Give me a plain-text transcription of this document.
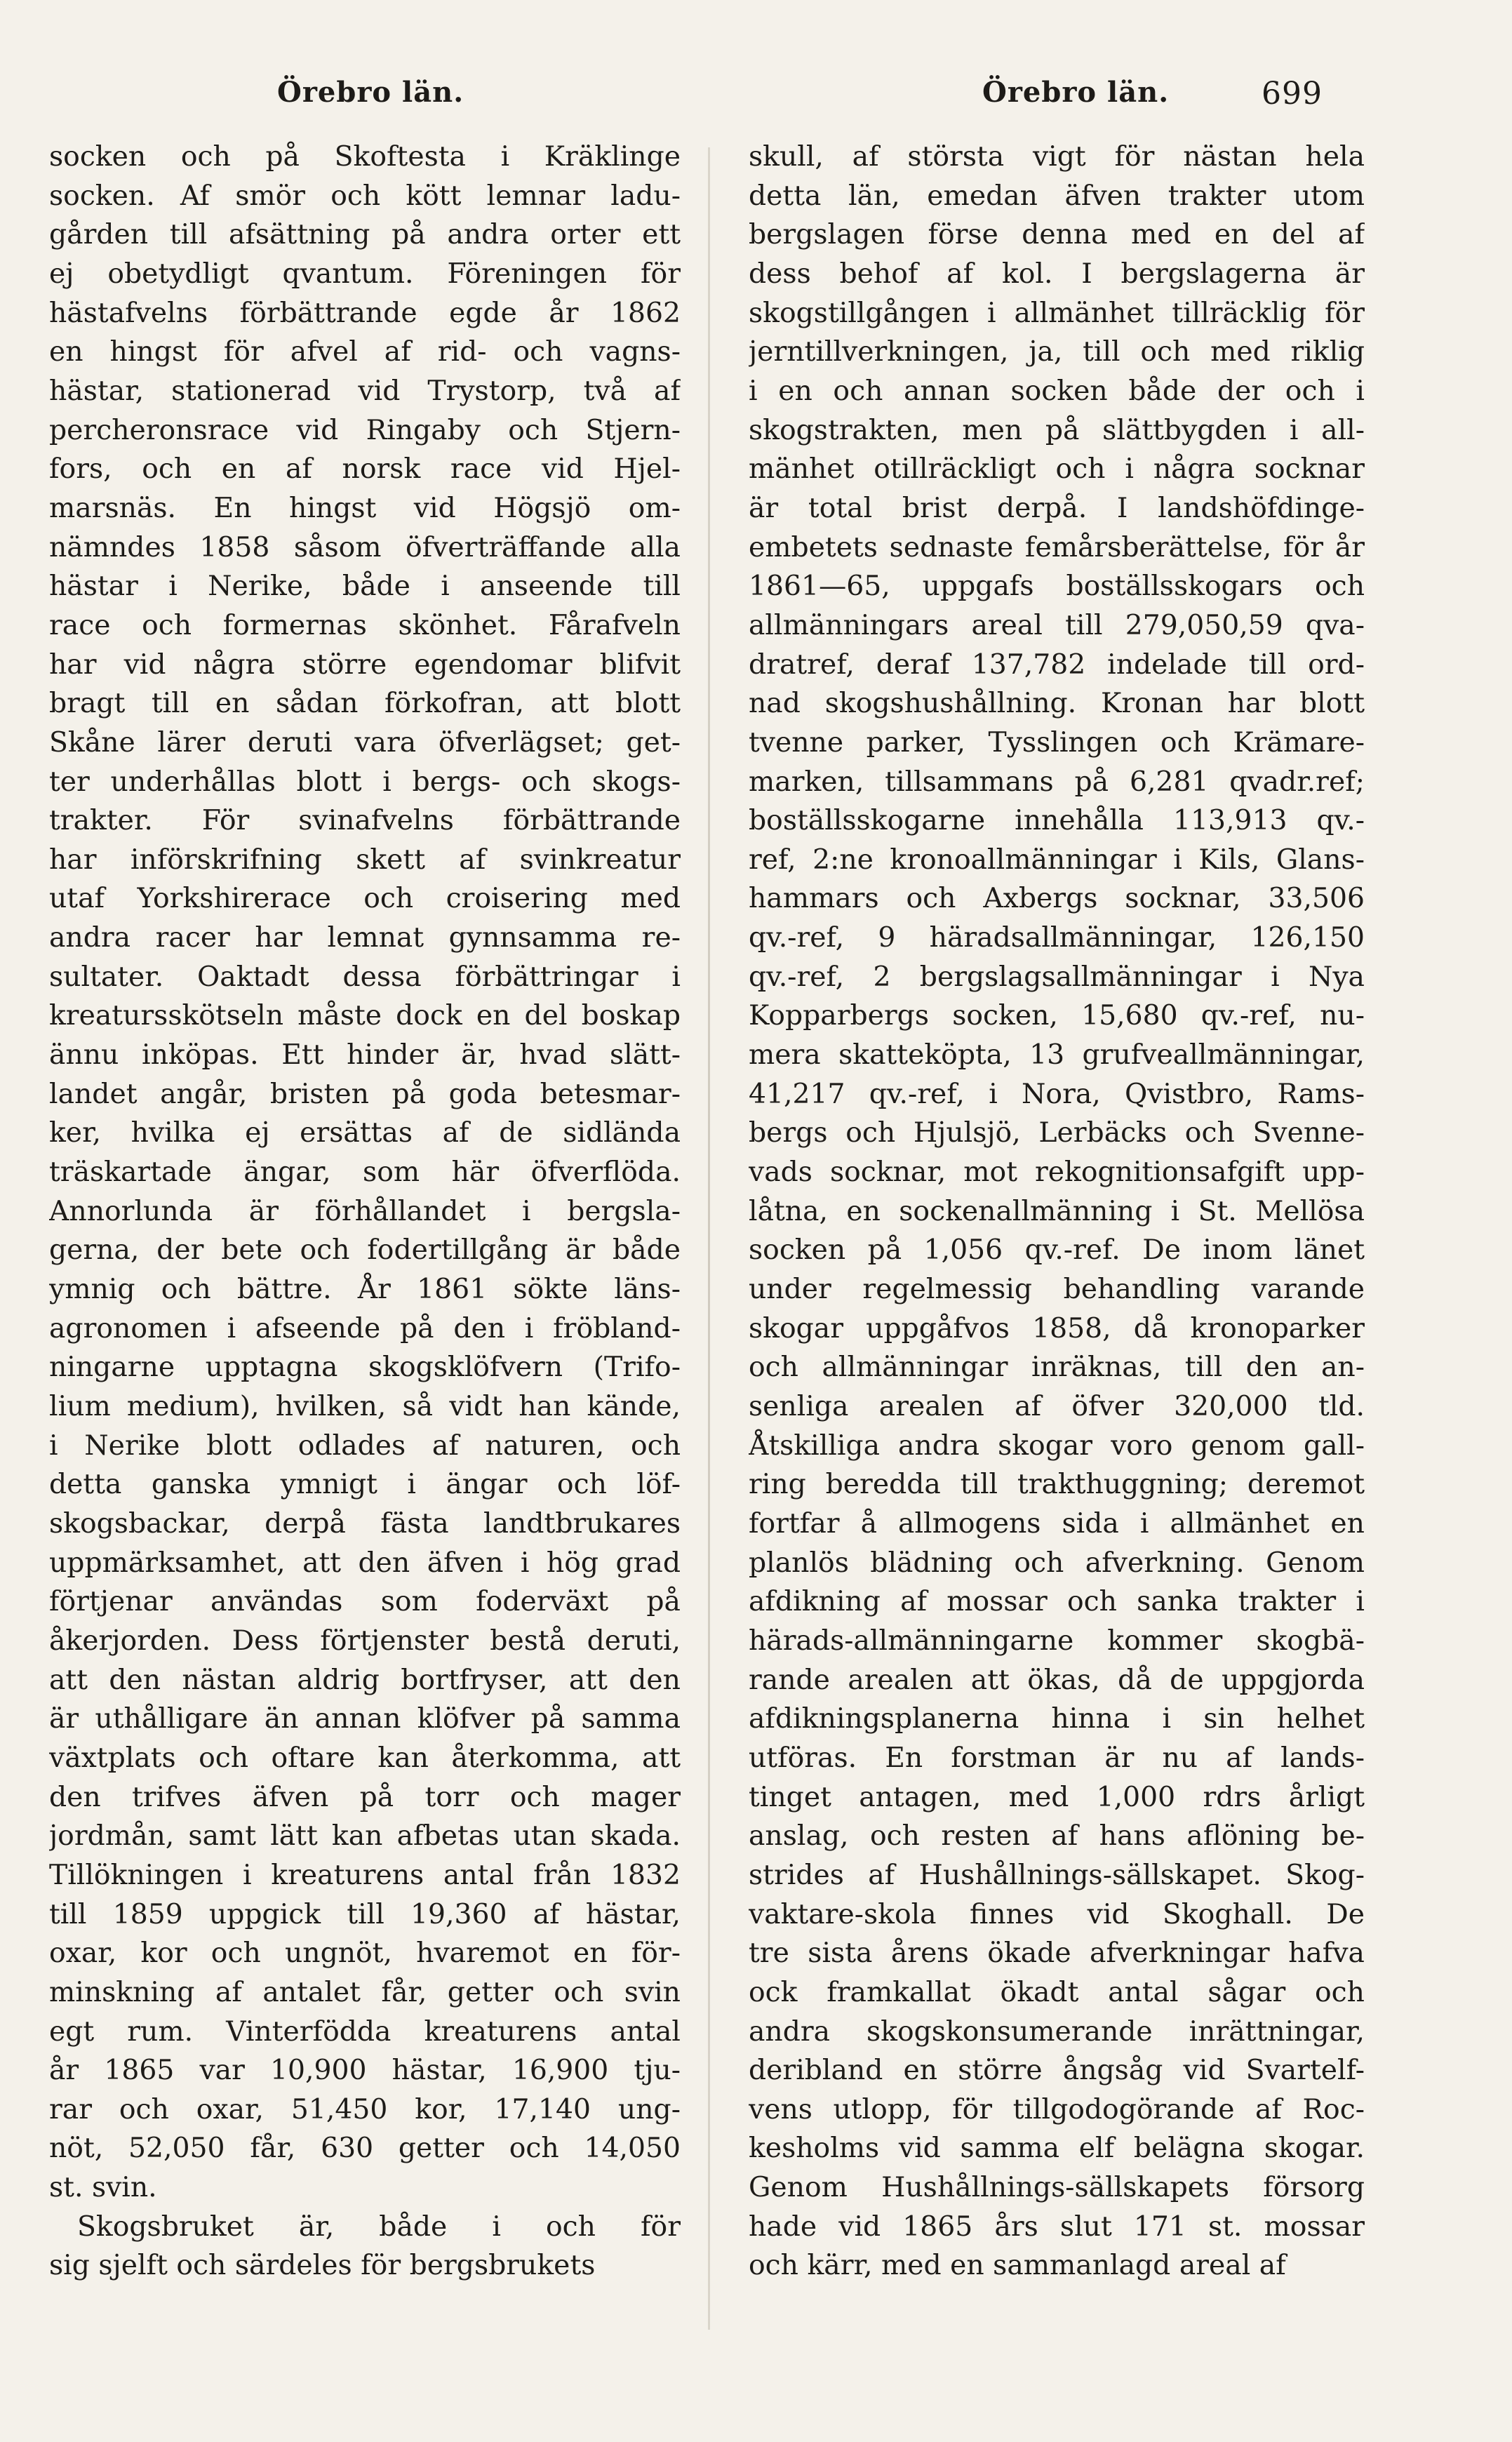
Örebro län.	Örebro län.	699
socken och på Skoftesta i Kräklinge
socken. Af smör och kött lemnar ladu-
gården till afsättning på andra orter ett
ej obetydligt qvantum. Föreningen för
hästafvelns förbättrande egde år 1862
en hingst för afvel af rid- och vagns-
hästar, stationerad vid Trystorp, två af
percheronsrace vid Ringaby och Stjern-
fors, och en af norsk race vid Hjel-
marsnäs. En hingst vid Högsjö om-
nämndes 1858 såsom öfverträffande alla
hästar i Nerike, både i anseende till
race och formernas skönhet. Fårafveln
har vid några större egendomar blifvit
bragt till en sådan förkofran, att blott
Skåne lärer deruti vara öfverlägset; get-
ter underhållas blott i bergs- och skogs-
trakter. För svinafvelns förbättrande
har införskrifning skett af svinkreatur
utaf Yorkshirerace och croisering med
andra racer har lemnat gynnsamma re-
sultater. Oaktadt dessa förbättringar i
kreatursskötseln måste dock en del boskap
ännu inköpas. Ett hinder är, hvad slätt-
landet angår, bristen på goda betesmar-
ker, hvilka ej ersättas af de sidlända
träskartade ängar, som här öfverflöda.
Annorlunda är förhållandet i bergsla-
gerna, der bete och fodertillgång är både
ymnig och bättre. År 1861 sökte läns-
agronomen i afseende på den i fröbland-
ningarne upptagna skogsklöfvern (Trifo-
lium medium), hvilken, så vidt han kände,
i Nerike blott odlades af naturen, och
detta ganska ymnigt i ängar och löf-
skogsbackar, derpå fästa landtbrukares
uppmärksamhet, att den äfven i hög grad
förtjenar användas som foderväxt på
åkerjorden. Dess förtjenster bestå deruti,
att den nästan aldrig bortfryser, att den
är uthålligare än annan klöfver på samma
växtplats och oftare kan återkomma, att
den trifves äfven på torr och mager
jordmån, samt lätt kan afbetas utan skada.
Tillökningen i kreaturens antal från 1832
till 1859 uppgick till 19,360 af hästar,
oxar, kor och ungnöt, hvaremot en för-
minskning af antalet får, getter och svin
egt rum. Vinterfödda kreaturens antal
år 1865 var 10,900 hästar, 16,900 tju-
rar och oxar, 51,450 kor, 17,140 ung-
nöt, 52,050 får, 630 getter och 14,050
st. svin.
Skogsbruket är, både i och för
sig sjelft och särdeles för bergsbrukets
skull, af största vigt för nästan hela
detta län, emedan äfven trakter utom
bergslagen förse denna med en del af
dess behof af kol. I bergslagerna är
skogstillgången i allmänhet tillräcklig för
jerntillverkningen, ja, till och med riklig
i en och annan socken både der och i
skogstrakten, men på slättbygden i all-
mänhet otillräckligt och i några socknar
är total brist derpå. I landshöfdinge-
embetets sednaste femårsberättelse, för år
1861—65, uppgafs boställsskogars och
allmänningars areal till 279,050,59 qva-
dratref, deraf 137,782 indelade till ord-
nad skogshushållning. Kronan har blott
tvenne parker, Tysslingen och Krämare-
marken, tillsammans på 6,281 qvadr.ref;
boställsskogarne innehålla 113,913 qv.-
ref, 2:ne kronoallmänningar i Kils, Glans-
hammars och Axbergs socknar, 33,506
qv.-ref, 9 häradsallmänningar, 126,150
qv.-ref, 2 bergslagsallmänningar i Nya
Kopparbergs socken, 15,680 qv.-ref, nu-
mera skatteköpta, 13 grufveallmänningar,
41,217 qv.-ref, i Nora, Qvistbro, Rams-
bergs och Hjulsjö, Lerbäcks och Svenne-
vads socknar, mot rekognitionsafgift upp-
låtna, en sockenallmänning i St. Mellösa
socken på 1,056 qv.-ref. De inom länet
under regelmessig behandling varande
skogar uppgåfvos 1858, då kronoparker
och allmänningar inräknas, till den an-
senliga arealen af öfver 320,000 tld.
Åtskilliga andra skogar voro genom gall-
ring beredda till trakthuggning; deremot
fortfar å allmogens sida i allmänhet en
planlös blädning och afverkning. Genom
afdikning af mossar och sanka trakter i
härads-allmänningarne kommer skogbä-
rande arealen att ökas, då de uppgjorda
afdikningsplanerna hinna i sin helhet
utföras. En forstman är nu af lands-
tinget antagen, med 1,000 rdrs årligt
anslag, och resten af hans aflöning be-
strides af Hushållnings-sällskapet. Skog-
vaktare-skola finnes vid Skoghall. De
tre sista årens ökade afverkningar hafva
ock framkallat ökadt antal sågar och
andra skogskonsumerande inrättningar,
deribland en större ångsåg vid Svartelf-
vens utlopp, för tillgodogörande af Roc-
kesholms vid samma elf belägna skogar.
Genom Hushållnings-sällskapets försorg
hade vid 1865 års slut 171 st. mossar
och kärr, med en sammanlagd areal af
